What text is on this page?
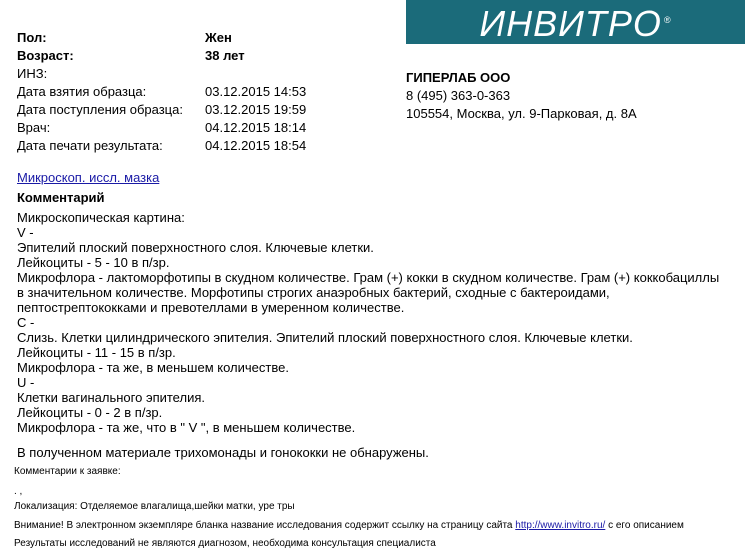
ИНВИТРО ®
Пол:	Жен
Возраст:	38 лет
ИНЗ:
Дата взятия образца:	03.12.2015 14:53
Дата поступления образца: 03.12.2015 19:59
Врач:	04.12.2015 18:14
Дата печати результата:	04.12.2015 18:54
ГИПЕРЛАБ ООО
8 (495) 363-0-363
105554, Москва, ул. 9-Парковая, д. 8А
Микроскоп. иссл. мазка
Комментарий
Микроскопическая картина:
V -
Эпителий плоский поверхностного слоя. Ключевые клетки.
Лейкоциты - 5 - 10 в п/зр.
Микрофлора - лактоморфотипы в скудном количестве. Грам (+) кокки в скудном количестве. Грам (+) коккобациллы
в значительном количестве. Морфотипы строгих анаэробных бактерий, сходные с бактероидами,
пептострептококками и превотеллами в умеренном количестве.
C -
Слизь. Клетки цилиндрического эпителия. Эпителий плоский поверхностного слоя. Ключевые клетки.
Лейкоциты - 11 - 15 в п/зр.
Микрофлора - та же, в меньшем количестве.
U -
Клетки вагинального эпителия.
Лейкоциты - 0 - 2 в п/зр.
Микрофлора - та же, что в " V ", в меньшем количестве.
В полученном материале трихомонады и гонококки не обнаружены.
Комментарии к заявке:
. ,
Локализация: Отделяемое влагалища,шейки матки, уре тры
Внимание! В электронном экземпляре бланка название исследования содержит ссылку на страницу сайта http://www.invitro.ru/ с его описанием
Результаты исследований не являются диагнозом, необходима консультация специалиста
